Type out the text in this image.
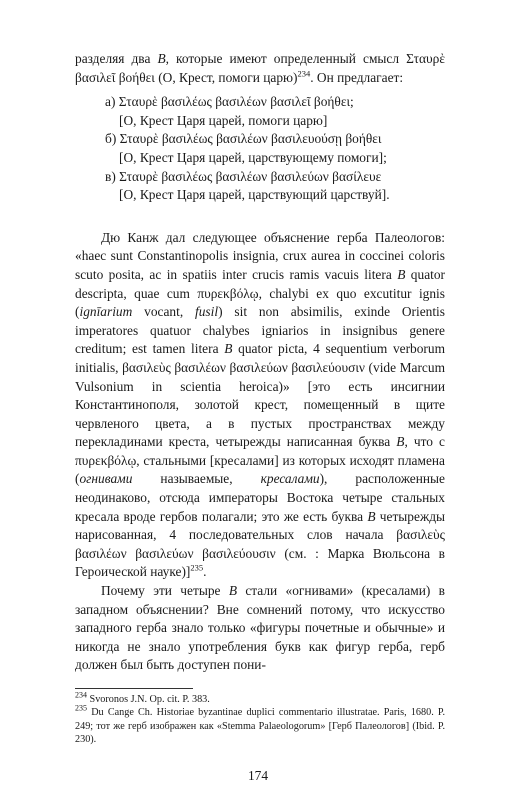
разделяя два B, которые имеют определенный смысл Σταυρὲ βασιλεῖ βοήθει (О, Крест, помоги царю)$^{234}$. Он предлагает:

а) Σταυρὲ βασιλέως βασιλέων βασιλεῖ βοήθει;
[О, Крест Царя царей, помоги царю]
б) Σταυρὲ βασιλέως βασιλέων βασιλευούσῃ βοήθει
[О, Крест Царя царей, царствующему помоги];
в) Σταυρὲ βασιλέως βασιλέων βασιλεύων βασίλευε
[О, Крест Царя царей, царствующий царствуй].

Дю Канж дал следующее объяснение герба Палеологов: «haec sunt Constantinopolis insignia, crux aurea in coccinei coloris scuto posita, ac in spatiis inter crucis ramis vacuis litera B quator descripta, quae cum πυρεκβόλῳ, chalybi ex quo excutitur ignis (ignīarium vocant, fusil) sit non absimilis, exinde Orientis imperatores quatuor chalybes igniarios in insignibus genere creditum; est tamen litera B quator picta, 4 sequentium verborum initialis, βασιλεὺς βασιλέων βασιλεύων βασιλεύουσιν (vide Marcum Vulsonium in scientia heroica)» [это есть инсигнии Константинополя, золотой крест, помещенный в щите червленого цвета, а в пустых пространствах между перекладинами креста, четырежды написанная буква B, что с πυρεκβόλῳ, стальными [кресалами] из которых исходят пламена (огнивами называемые, кресалами), расположенные неодинаково, отсюда императоры Востока четыре стальных кресала вроде гербов полагали; это же есть буква B четырежды нарисованная, 4 последовательных слов начала βασιλεὺς βασιλέων βασιλεύων βασιλεύουσιν (см. : Марка Вюльсона в Героической науке)]$^{235}$.

Почему эти четыре B стали «огнивами» (кресалами) в западном объяснении? Вне сомнений потому, что искусство западного герба знало только «фигуры почетные и обычные» и никогда не знало употребления букв как фигур герба, герб должен был быть доступен пони-

$^{234}$ Svoronos J.N. Op. cit. P. 383.
$^{235}$ Du Cange Ch. Historiae byzantinae duplici commentario illustratae. Paris, 1680. P. 249; тот же герб изображен как «Stemma Palaeologorum» [Герб Палеологов] (Ibid. P. 230).
174
